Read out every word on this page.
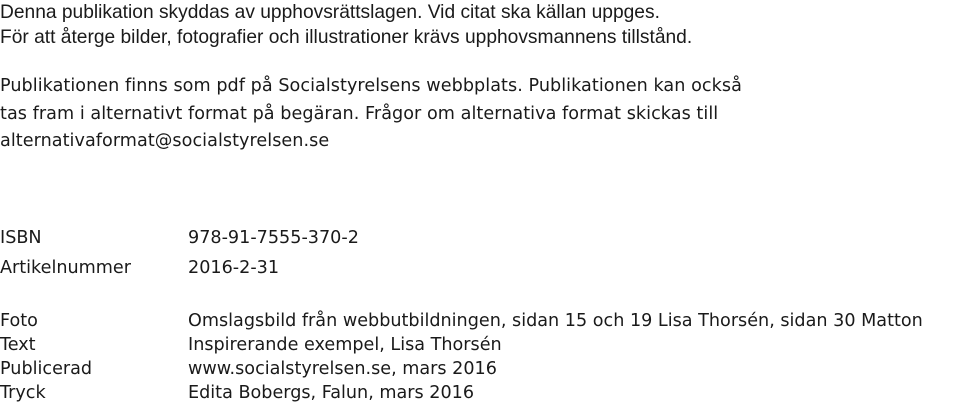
Denna publikation skyddas av upphovsrättslagen. Vid citat ska källan uppges.
För att återge bilder, fotografier och illustrationer krävs upphovsmannens tillstånd.
Publikationen finns som pdf på Socialstyrelsens webbplats. Publikationen kan också
tas fram i alternativt format på begäran. Frågor om alternativa format skickas till
alternativaformat@socialstyrelsen.se
ISBN	978-91-7555-370-2
Artikelnummer	2016-2-31

Foto	Omslagsbild från webbutbildningen, sidan 15 och 19 Lisa Thorsén, sidan 30 Matton
Text	Inspirerande exempel, Lisa Thorsén
Publicerad	www.socialstyrelsen.se, mars 2016
Tryck	Edita Bobergs, Falun, mars 2016
